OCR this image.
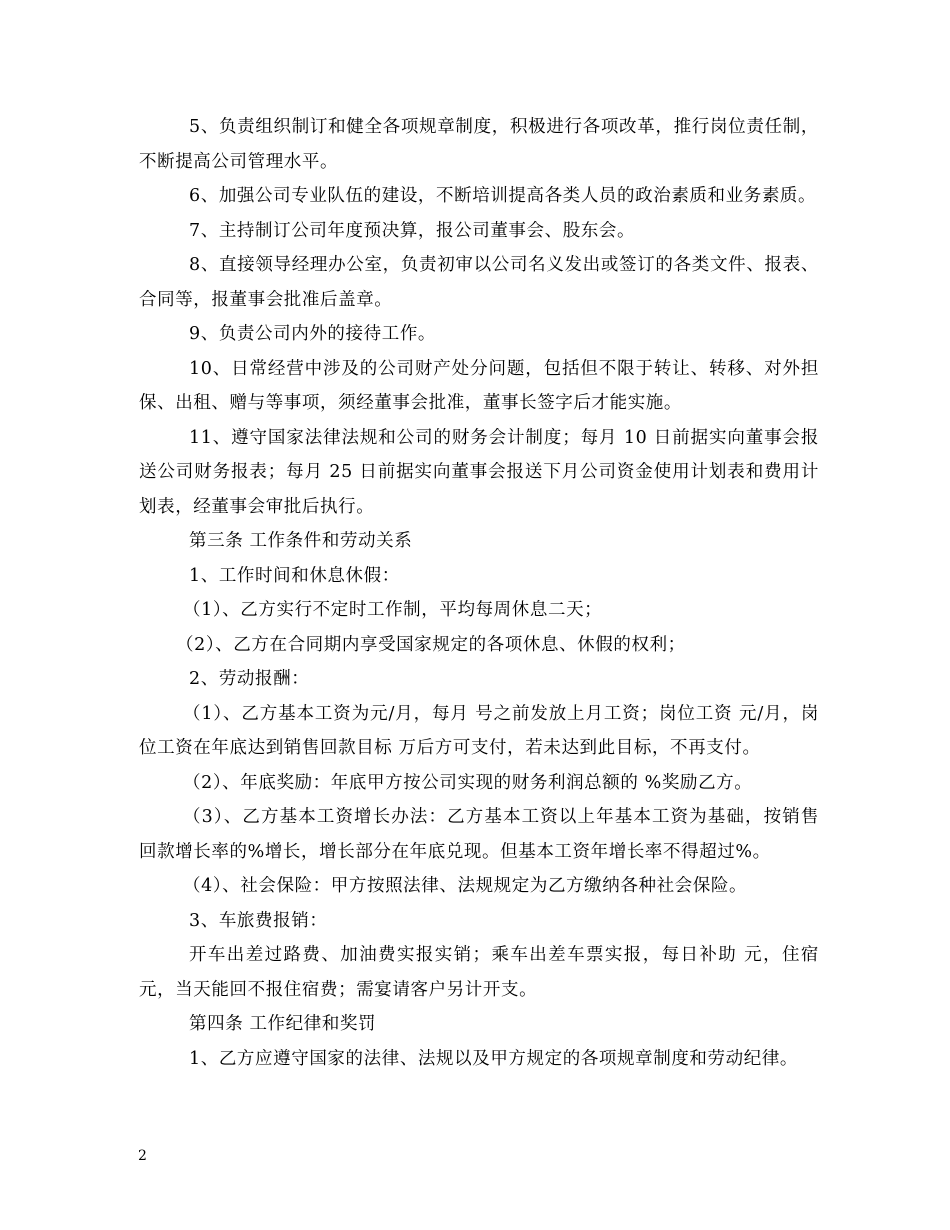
5、负责组织制订和健全各项规章制度，积极进行各项改革，推行岗位责任制，不断提高公司管理水平。

6、加强公司专业队伍的建设，不断培训提高各类人员的政治素质和业务素质。

7、主持制订公司年度预决算，报公司董事会、股东会。

8、直接领导经理办公室，负责初审以公司名义发出或签订的各类文件、报表、合同等，报董事会批准后盖章。

9、负责公司内外的接待工作。

10、日常经营中涉及的公司财产处分问题，包括但不限于转让、转移、对外担保、出租、赠与等事项，须经董事会批准，董事长签字后才能实施。

11、遵守国家法律法规和公司的财务会计制度；每月 10 日前据实向董事会报送公司财务报表；每月 25 日前据实向董事会报送下月公司资金使用计划表和费用计划表，经董事会审批后执行。

第三条 工作条件和劳动关系

1、工作时间和休息休假：

（1）、乙方实行不定时工作制，平均每周休息二天；

（2）、乙方在合同期内享受国家规定的各项休息、休假的权利；

2、劳动报酬：

（1）、乙方基本工资为元/月，每月 号之前发放上月工资；岗位工资 元/月，岗位工资在年底达到销售回款目标 万后方可支付，若未达到此目标，不再支付。

（2）、年底奖励：年底甲方按公司实现的财务利润总额的 %奖励乙方。

（3）、乙方基本工资增长办法：乙方基本工资以上年基本工资为基础，按销售回款增长率的%增长，增长部分在年底兑现。但基本工资年增长率不得超过%。

（4）、社会保险：甲方按照法律、法规规定为乙方缴纳各种社会保险。

3、车旅费报销：

开车出差过路费、加油费实报实销；乘车出差车票实报，每日补助 元，住宿元，当天能回不报住宿费；需宴请客户另计开支。

第四条 工作纪律和奖罚

1、乙方应遵守国家的法律、法规以及甲方规定的各项规章制度和劳动纪律。

2
